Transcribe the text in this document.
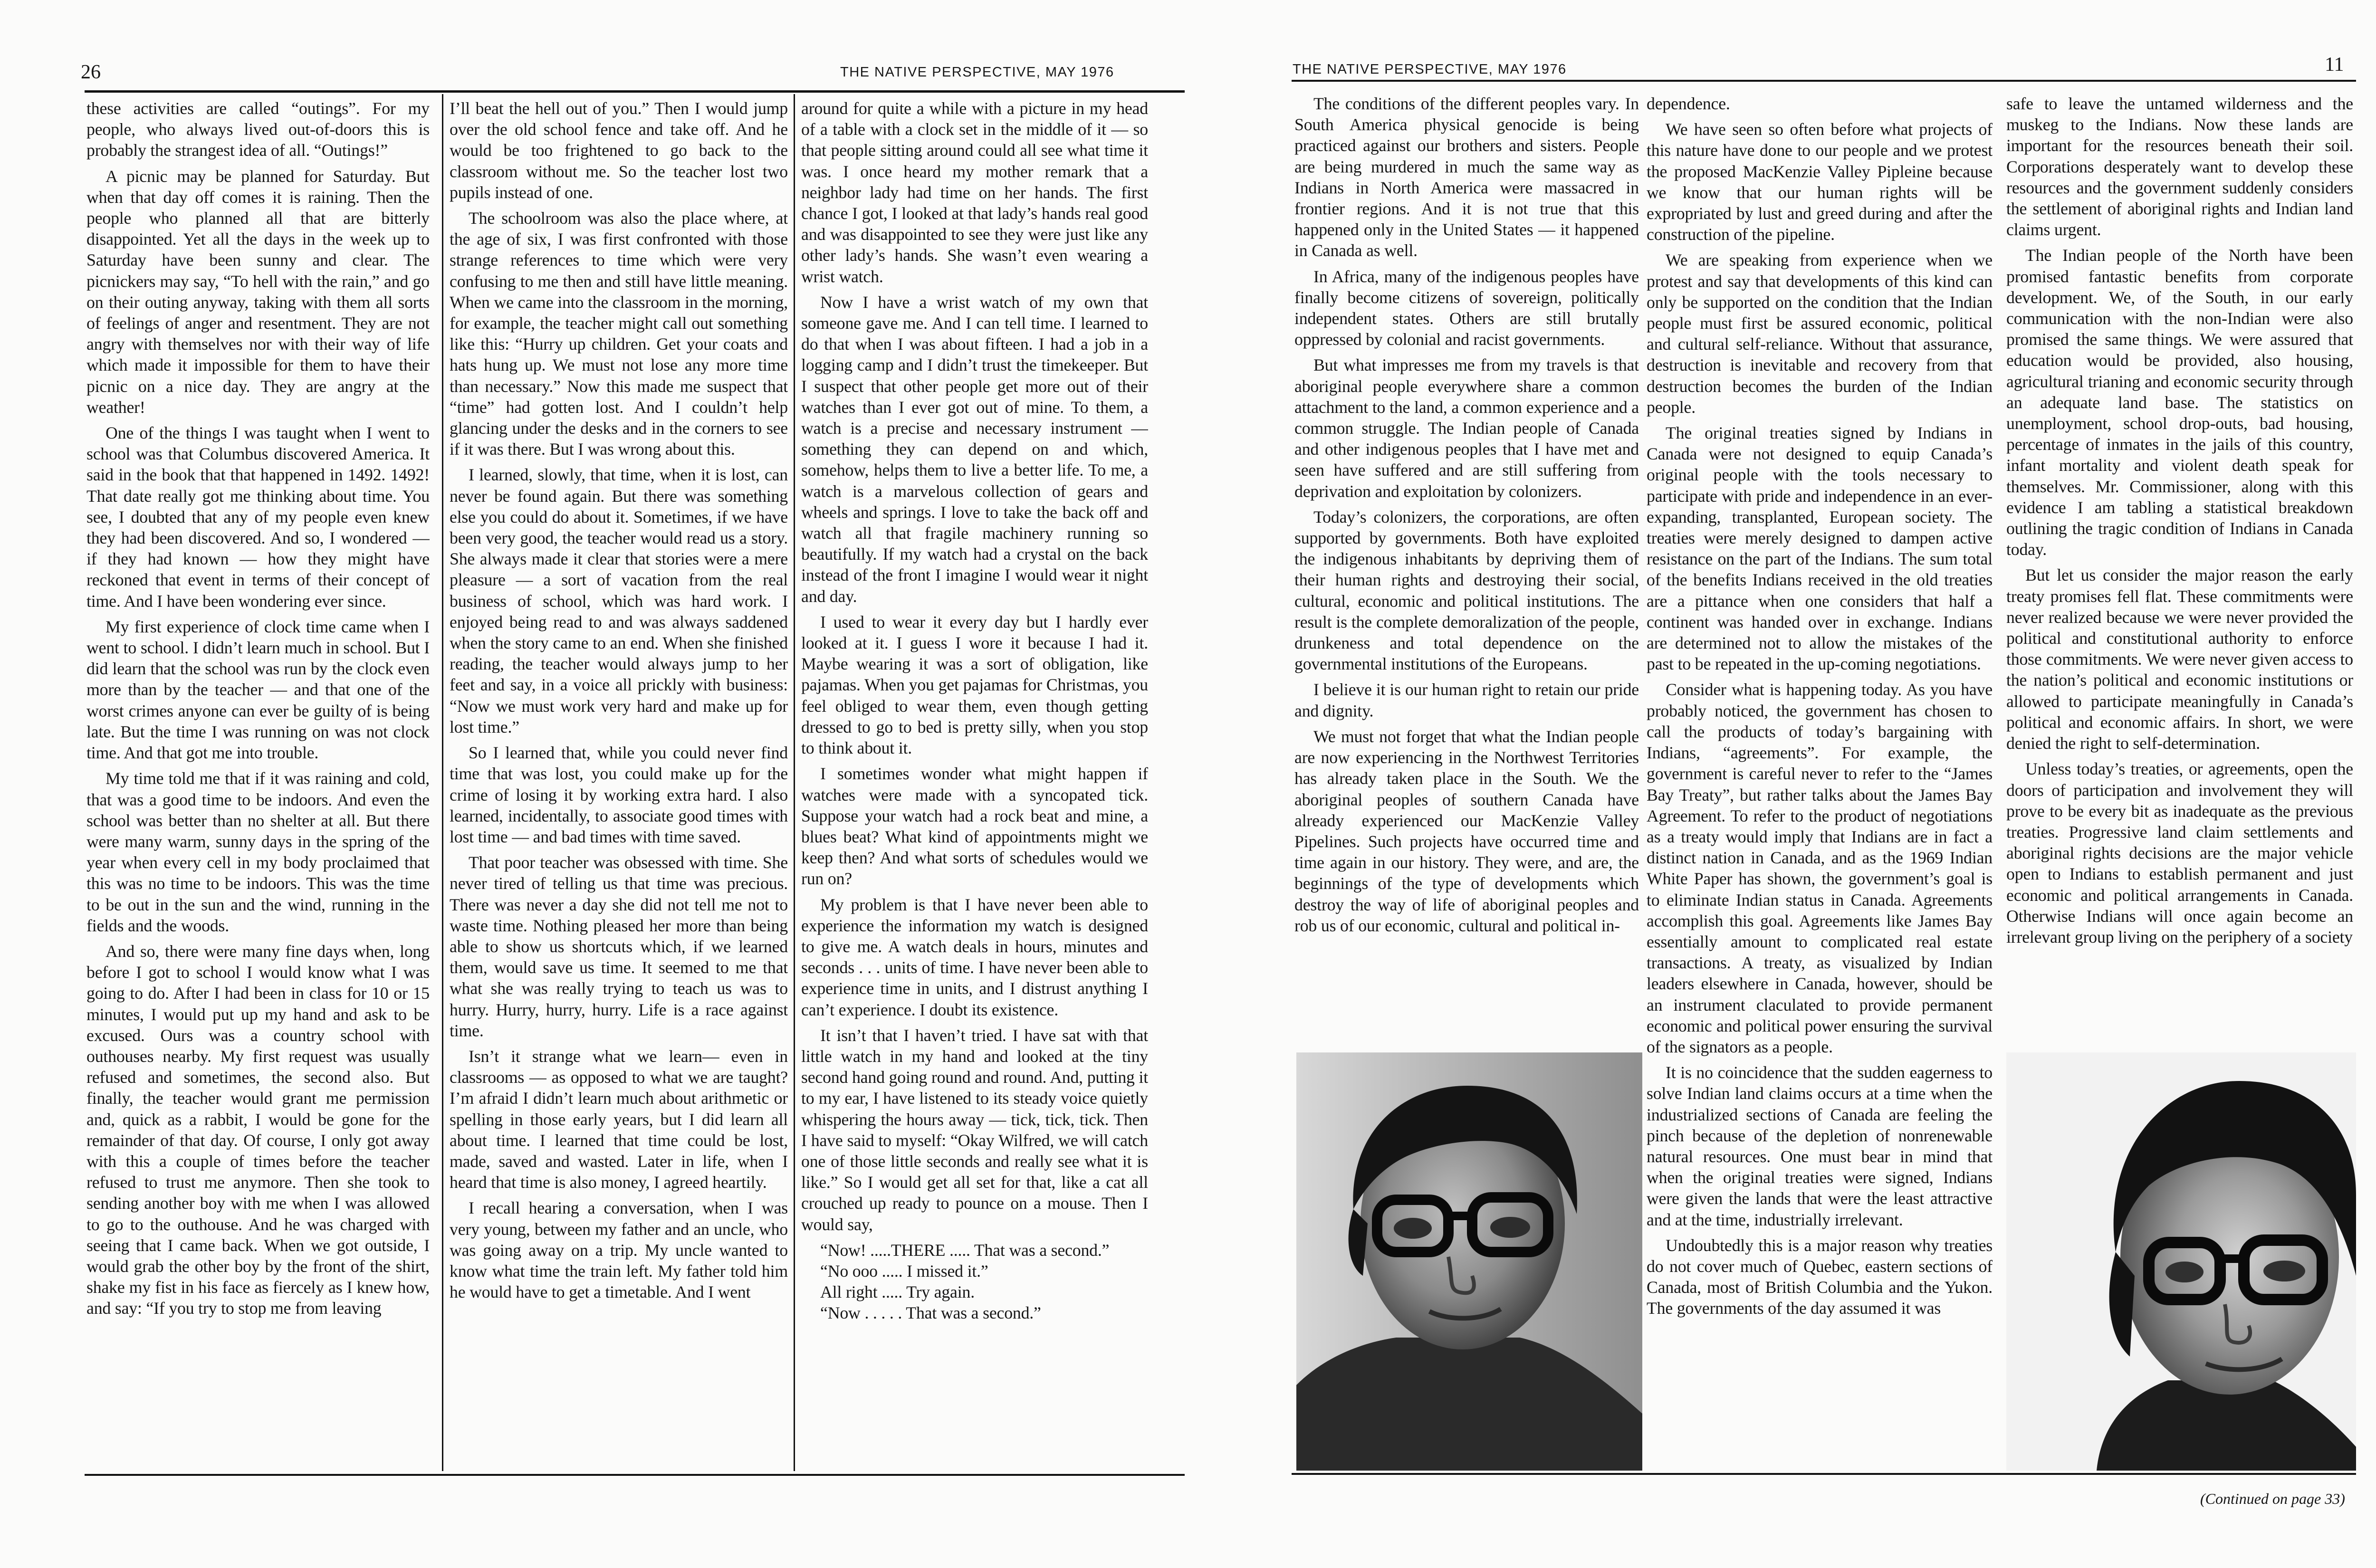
26	THE NATIVE PERSPECTIVE, MAY 1976

these activities are called “outings”. For my people, who always lived out-of-doors this is probably the strangest idea of all. “Outings!”

A picnic may be planned for Saturday. But when that day off comes it is raining. Then the people who planned all that are bitterly disappointed. Yet all the days in the week up to Saturday have been sunny and clear. The picnickers may say, “To hell with the rain,” and go on their outing anyway, taking with them all sorts of feelings of anger and resentment. They are not angry with themselves nor with their way of life which made it impossible for them to have their picnic on a nice day. They are angry at the weather!

One of the things I was taught when I went to school was that Columbus discovered America. It said in the book that that happened in 1492. 1492! That date really got me thinking about time. You see, I doubted that any of my people even knew they had been discovered. And so, I wondered — if they had known — how they might have reckoned that event in terms of their concept of time. And I have been wondering ever since.

My first experience of clock time came when I went to school. I didn’t learn much in school. But I did learn that the school was run by the clock even more than by the teacher — and that one of the worst crimes anyone can ever be guilty of is being late. But the time I was running on was not clock time. And that got me into trouble.

My time told me that if it was raining and cold, that was a good time to be indoors. And even the school was better than no shelter at all. But there were many warm, sunny days in the spring of the year when every cell in my body proclaimed that this was no time to be indoors. This was the time to be out in the sun and the wind, running in the fields and the woods.

And so, there were many fine days when, long before I got to school I would know what I was going to do. After I had been in class for 10 or 15 minutes, I would put up my hand and ask to be excused. Ours was a country school with outhouses nearby. My first request was usually refused and sometimes, the second also. But finally, the teacher would grant me permission and, quick as a rabbit, I would be gone for the remainder of that day. Of course, I only got away with this a couple of times before the teacher refused to trust me anymore. Then she took to sending another boy with me when I was allowed to go to the outhouse. And he was charged with seeing that I came back. When we got outside, I would grab the other boy by the front of the shirt, shake my fist in his face as fiercely as I knew how, and say: “If you try to stop me from leaving

I’ll beat the hell out of you.” Then I would jump over the old school fence and take off. And he would be too frightened to go back to the classroom without me. So the teacher lost two pupils instead of one.

The schoolroom was also the place where, at the age of six, I was first confronted with those strange references to time which were very confusing to me then and still have little meaning. When we came into the classroom in the morning, for example, the teacher might call out something like this: “Hurry up children. Get your coats and hats hung up. We must not lose any more time than necessary.” Now this made me suspect that “time” had gotten lost. And I couldn’t help glancing under the desks and in the corners to see if it was there. But I was wrong about this.

I learned, slowly, that time, when it is lost, can never be found again. But there was something else you could do about it. Sometimes, if we have been very good, the teacher would read us a story. She always made it clear that stories were a mere pleasure — a sort of vacation from the real business of school, which was hard work. I enjoyed being read to and was always saddened when the story came to an end. When she finished reading, the teacher would always jump to her feet and say, in a voice all prickly with business: “Now we must work very hard and make up for lost time.”

So I learned that, while you could never find time that was lost, you could make up for the crime of losing it by working extra hard. I also learned, incidentally, to associate good times with lost time — and bad times with time saved.

That poor teacher was obsessed with time. She never tired of telling us that time was precious. There was never a day she did not tell me not to waste time. Nothing pleased her more than being able to show us shortcuts which, if we learned them, would save us time. It seemed to me that what she was really trying to teach us was to hurry. Hurry, hurry, hurry. Life is a race against time.

Isn’t it strange what we learn— even in classrooms — as opposed to what we are taught? I’m afraid I didn’t learn much about arithmetic or spelling in those early years, but I did learn all about time. I learned that time could be lost, made, saved and wasted. Later in life, when I heard that time is also money, I agreed heartily.

I recall hearing a conversation, when I was very young, between my father and an uncle, who was going away on a trip. My uncle wanted to know what time the train left. My father told him he would have to get a timetable. And I went

around for quite a while with a picture in my head of a table with a clock set in the middle of it — so that people sitting around could all see what time it was. I once heard my mother remark that a neighbor lady had time on her hands. The first chance I got, I looked at that lady’s hands real good and was disappointed to see they were just like any other lady’s hands. She wasn’t even wearing a wrist watch.

Now I have a wrist watch of my own that someone gave me. And I can tell time. I learned to do that when I was about fifteen. I had a job in a logging camp and I didn’t trust the timekeeper. But I suspect that other people get more out of their watches than I ever got out of mine. To them, a watch is a precise and necessary instrument — something they can depend on and which, somehow, helps them to live a better life. To me, a watch is a marvelous collection of gears and wheels and springs. I love to take the back off and watch all that fragile machinery running so beautifully. If my watch had a crystal on the back instead of the front I imagine I would wear it night and day.

I used to wear it every day but I hardly ever looked at it. I guess I wore it because I had it. Maybe wearing it was a sort of obligation, like pajamas. When you get pajamas for Christmas, you feel obliged to wear them, even though getting dressed to go to bed is pretty silly, when you stop to think about it.

I sometimes wonder what might happen if watches were made with a syncopated tick. Suppose your watch had a rock beat and mine, a blues beat? What kind of appointments might we keep then? And what sorts of schedules would we run on?

My problem is that I have never been able to experience the information my watch is designed to give me. A watch deals in hours, minutes and seconds . . . units of time. I have never been able to experience time in units, and I distrust anything I can’t experience. I doubt its existence.

It isn’t that I haven’t tried. I have sat with that little watch in my hand and looked at the tiny second hand going round and round. And, putting it to my ear, I have listened to its steady voice quietly whispering the hours away — tick, tick, tick. Then I have said to myself: “Okay Wilfred, we will catch one of those little seconds and really see what it is like.” So I would get all set for that, like a cat all crouched up ready to pounce on a mouse. Then I would say,

“Now! .....THERE ..... That was a second.”

“No ooo ..... I missed it.”

All right ..... Try again.

“Now . . . . . That was a second.”

THE NATIVE PERSPECTIVE, MAY 1976	11

The conditions of the different peoples vary. In South America physical genocide is being practiced against our brothers and sisters. People are being murdered in much the same way as Indians in North America were massacred in frontier regions. And it is not true that this happened only in the United States — it happened in Canada as well.

In Africa, many of the indigenous peoples have finally become citizens of sovereign, politically independent states. Others are still brutally oppressed by colonial and racist governments.

But what impresses me from my travels is that aboriginal people everywhere share a common attachment to the land, a common experience and a common struggle. The Indian people of Canada and other indigenous peoples that I have met and seen have suffered and are still suffering from deprivation and exploitation by colonizers.

Today’s colonizers, the corporations, are often supported by governments. Both have exploited the indigenous inhabitants by depriving them of their human rights and destroying their social, cultural, economic and political institutions. The result is the complete demoralization of the people, drunkeness and total dependence on the governmental institutions of the Europeans.

I believe it is our human right to retain our pride and dignity.

We must not forget that what the Indian people are now experiencing in the Northwest Territories has already taken place in the South. We the aboriginal peoples of southern Canada have already experienced our MacKenzie Valley Pipelines. Such projects have occurred time and time again in our history. They were, and are, the beginnings of the type of developments which destroy the way of life of aboriginal peoples and rob us of our economic, cultural and political in-

dependence.

We have seen so often before what projects of this nature have done to our people and we protest the proposed MacKenzie Valley Pipleine because we know that our human rights will be expropriated by lust and greed during and after the construction of the pipeline.

We are speaking from experience when we protest and say that developments of this kind can only be supported on the condition that the Indian people must first be assured economic, political and cultural self-reliance. Without that assurance, destruction is inevitable and recovery from that destruction becomes the burden of the Indian people.

The original treaties signed by Indians in Canada were not designed to equip Canada’s original people with the tools necessary to participate with pride and independence in an ever-expanding, transplanted, European society. The treaties were merely designed to dampen active resistance on the part of the Indians. The sum total of the benefits Indians received in the old treaties are a pittance when one considers that half a continent was handed over in exchange. Indians are determined not to allow the mistakes of the past to be repeated in the up-coming negotiations.

Consider what is happening today. As you have probably noticed, the government has chosen to call the products of today’s bargaining with Indians, “agreements”. For example, the government is careful never to refer to the “James Bay Treaty”, but rather talks about the James Bay Agreement. To refer to the product of negotiations as a treaty would imply that Indians are in fact a distinct nation in Canada, and as the 1969 Indian White Paper has shown, the government’s goal is to eliminate Indian status in Canada. Agreements accomplish this goal. Agreements like James Bay essentially amount to complicated real estate transactions. A treaty, as visualized by Indian leaders elsewhere in Canada, however, should be an instrument claculated to provide permanent economic and political power ensuring the survival of the signators as a people.

It is no coincidence that the sudden eagerness to solve Indian land claims occurs at a time when the industrialized sections of Canada are feeling the pinch because of the depletion of nonrenewable natural resources. One must bear in mind that when the original treaties were signed, Indians were given the lands that were the least attractive and at the time, industrially irrelevant.

Undoubtedly this is a major reason why treaties do not cover much of Quebec, eastern sections of Canada, most of British Columbia and the Yukon. The governments of the day assumed it was

safe to leave the untamed wilderness and the muskeg to the Indians. Now these lands are important for the resources beneath their soil. Corporations desperately want to develop these resources and the government suddenly considers the settlement of aboriginal rights and Indian land claims urgent.

The Indian people of the North have been promised fantastic benefits from corporate development. We, of the South, in our early communication with the non-Indian were also promised the same things. We were assured that education would be provided, also housing, agricultural trianing and economic security through an adequate land base. The statistics on unemployment, school drop-outs, bad housing, percentage of inmates in the jails of this country, infant mortality and violent death speak for themselves. Mr. Commissioner, along with this evidence I am tabling a statistical breakdown outlining the tragic condition of Indians in Canada today.

But let us consider the major reason the early treaty promises fell flat. These commitments were never realized because we were never provided the political and constitutional authority to enforce those commitments. We were never given access to the nation’s political and economic institutions or allowed to participate meaningfully in Canada’s political and economic affairs. In short, we were denied the right to self-determination.

Unless today’s treaties, or agreements, open the doors of participation and involvement they will prove to be every bit as inadequate as the previous treaties. Progressive land claim settlements and aboriginal rights decisions are the major vehicle open to Indians to establish permanent and just economic and political arrangements in Canada. Otherwise Indians will once again become an irrelevant group living on the periphery of a society

(Continued on page 33)
